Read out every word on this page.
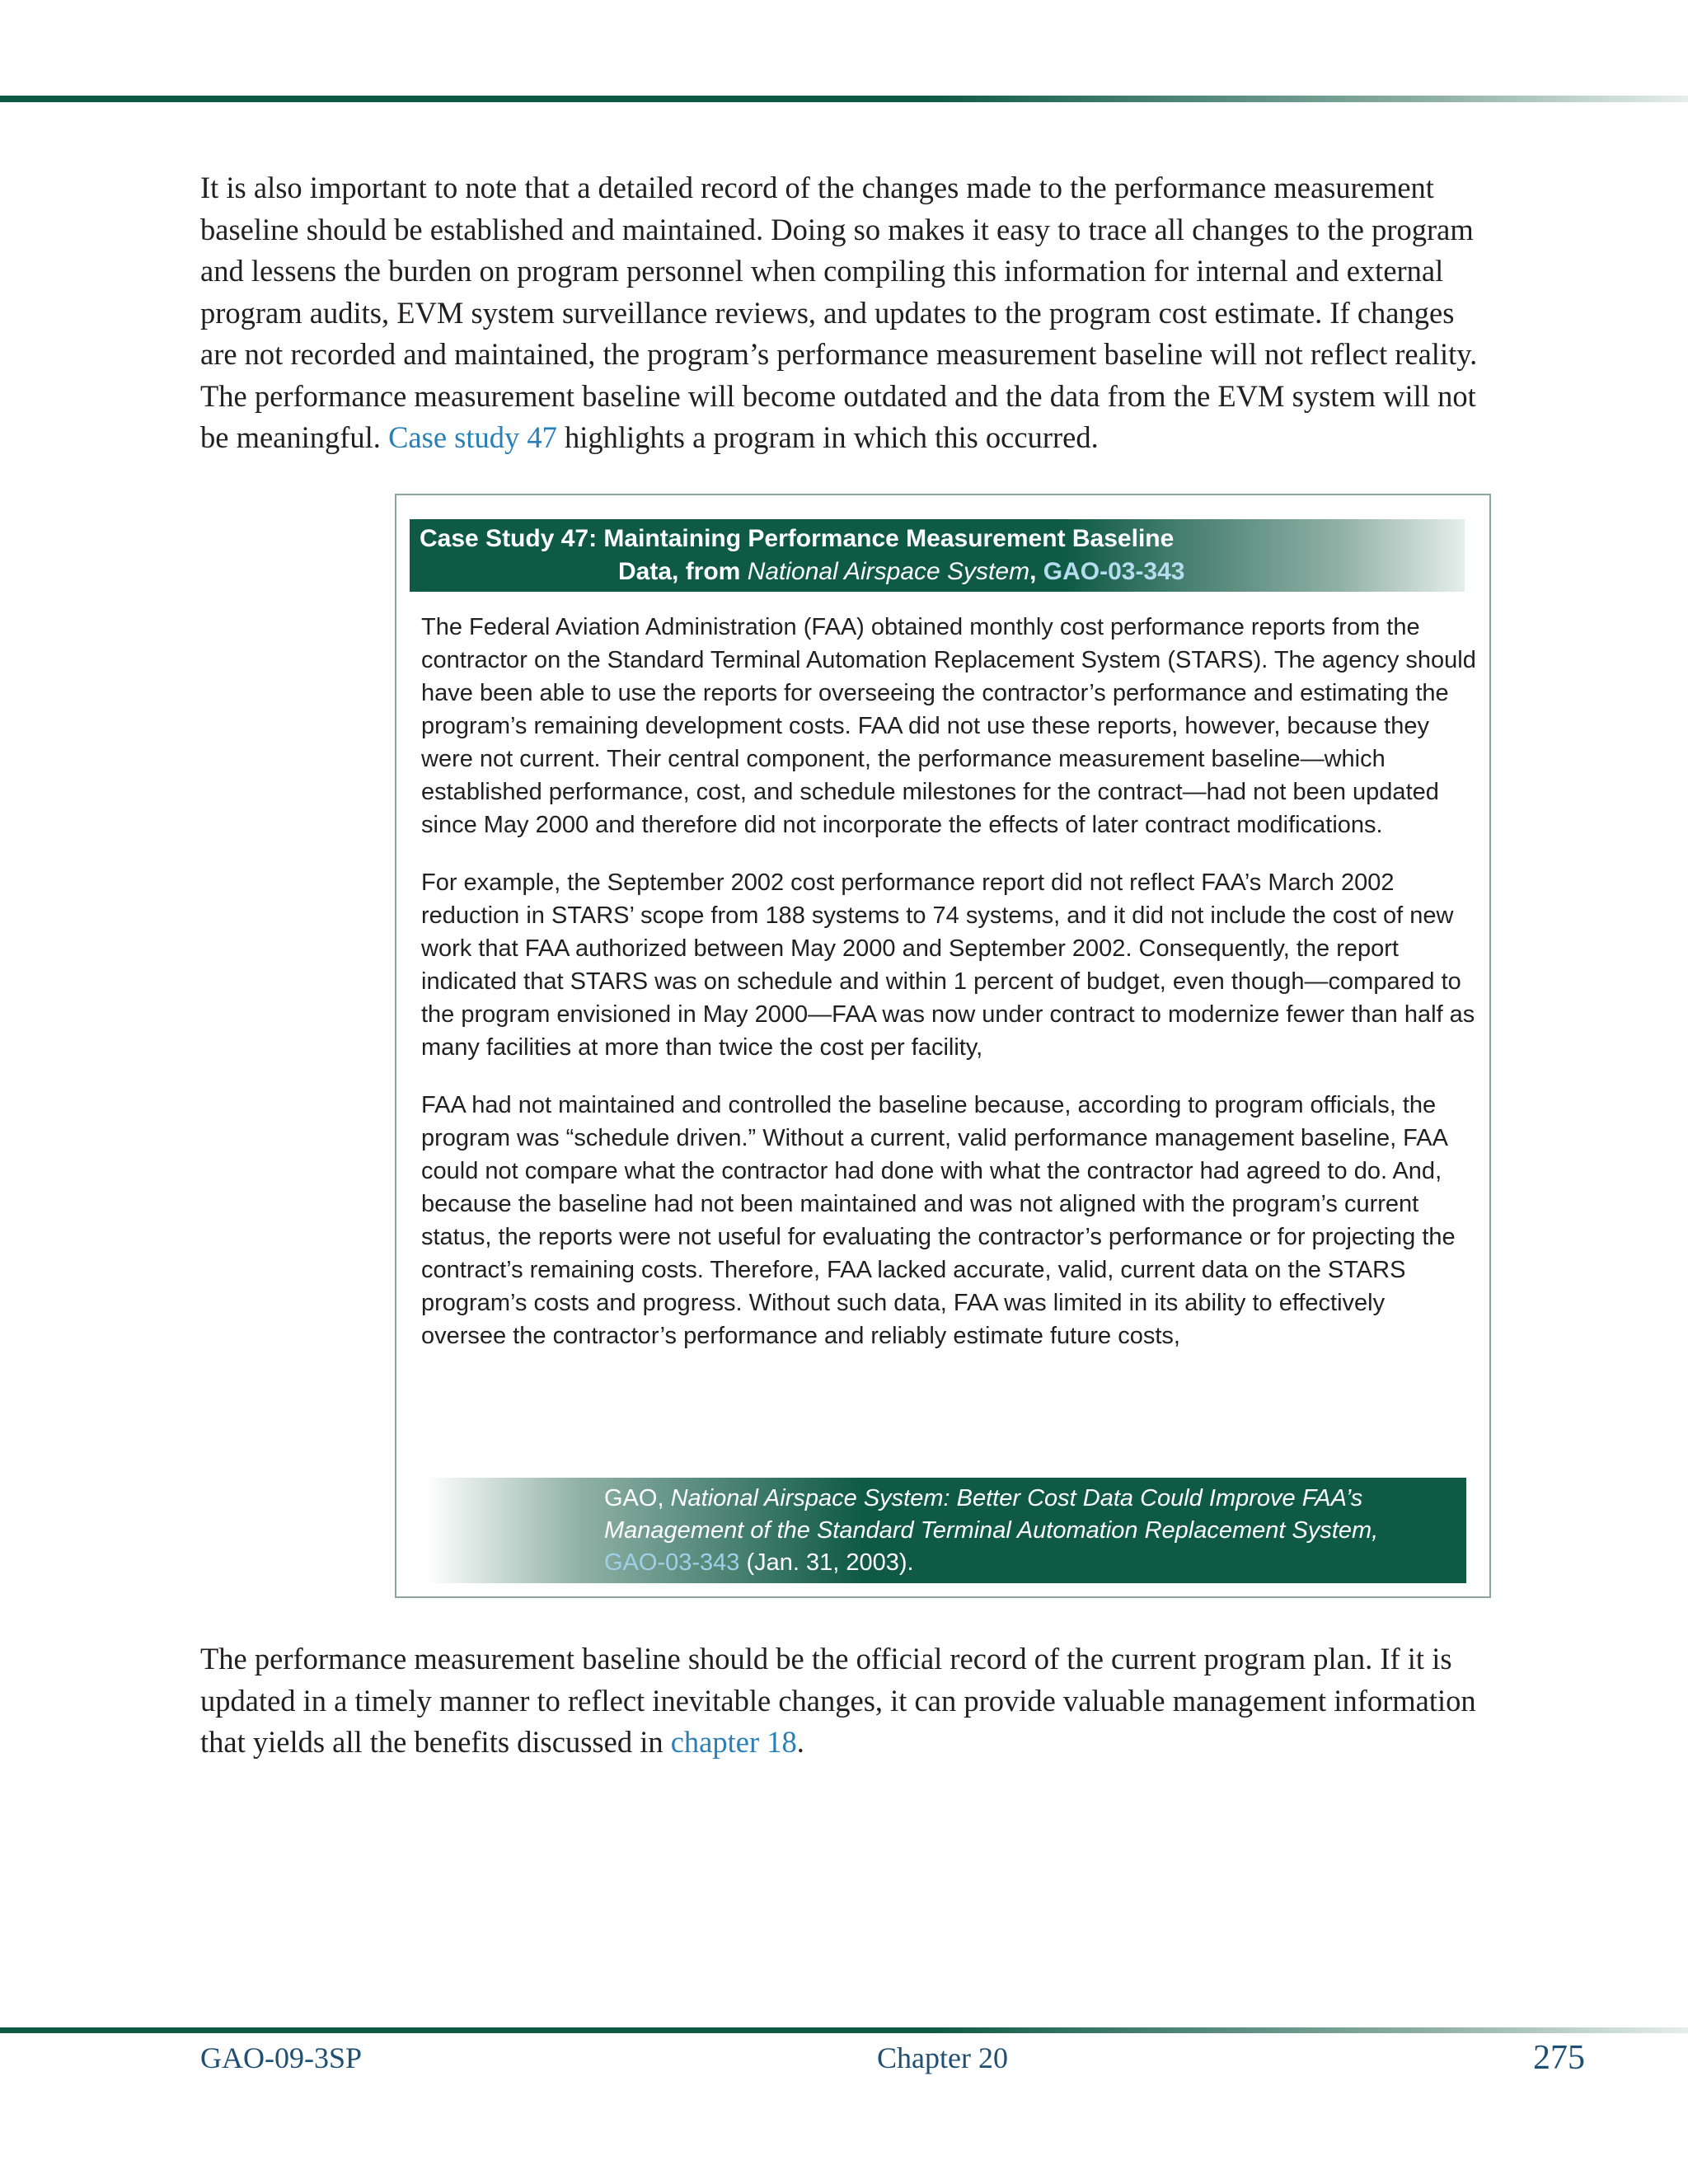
It is also important to note that a detailed record of the changes made to the performance measurement baseline should be established and maintained. Doing so makes it easy to trace all changes to the program and lessens the burden on program personnel when compiling this information for internal and external program audits, EVM system surveillance reviews, and updates to the program cost estimate. If changes are not recorded and maintained, the program’s performance measurement baseline will not reflect reality. The performance measurement baseline will become outdated and the data from the EVM system will not be meaningful. Case study 47 highlights a program in which this occurred.

Case Study 47: Maintaining Performance Measurement Baseline
Data, from National Airspace System, GAO-03-343

The Federal Aviation Administration (FAA) obtained monthly cost performance reports from the contractor on the Standard Terminal Automation Replacement System (STARS). The agency should have been able to use the reports for overseeing the contractor’s performance and estimating the program’s remaining development costs. FAA did not use these reports, however, because they were not current. Their central component, the performance measurement baseline—which established performance, cost, and schedule milestones for the contract—had not been updated since May 2000 and therefore did not incorporate the effects of later contract modifications.

For example, the September 2002 cost performance report did not reflect FAA’s March 2002 reduction in STARS’ scope from 188 systems to 74 systems, and it did not include the cost of new work that FAA authorized between May 2000 and September 2002. Consequently, the report indicated that STARS was on schedule and within 1 percent of budget, even though—compared to the program envisioned in May 2000—FAA was now under contract to modernize fewer than half as many facilities at more than twice the cost per facility,

FAA had not maintained and controlled the baseline because, according to program officials, the program was “schedule driven.” Without a current, valid performance management baseline, FAA could not compare what the contractor had done with what the contractor had agreed to do. And, because the baseline had not been maintained and was not aligned with the program’s current status, the reports were not useful for evaluating the contractor’s performance or for projecting the contract’s remaining costs. Therefore, FAA lacked accurate, valid, current data on the STARS program’s costs and progress. Without such data, FAA was limited in its ability to effectively oversee the contractor’s performance and reliably estimate future costs,

GAO, National Airspace System: Better Cost Data Could Improve FAA’s Management of the Standard Terminal Automation Replacement System, GAO-03-343 (Jan. 31, 2003).

The performance measurement baseline should be the official record of the current program plan. If it is updated in a timely manner to reflect inevitable changes, it can provide valuable management information that yields all the benefits discussed in chapter 18.

GAO-09-3SP	Chapter 20	275
